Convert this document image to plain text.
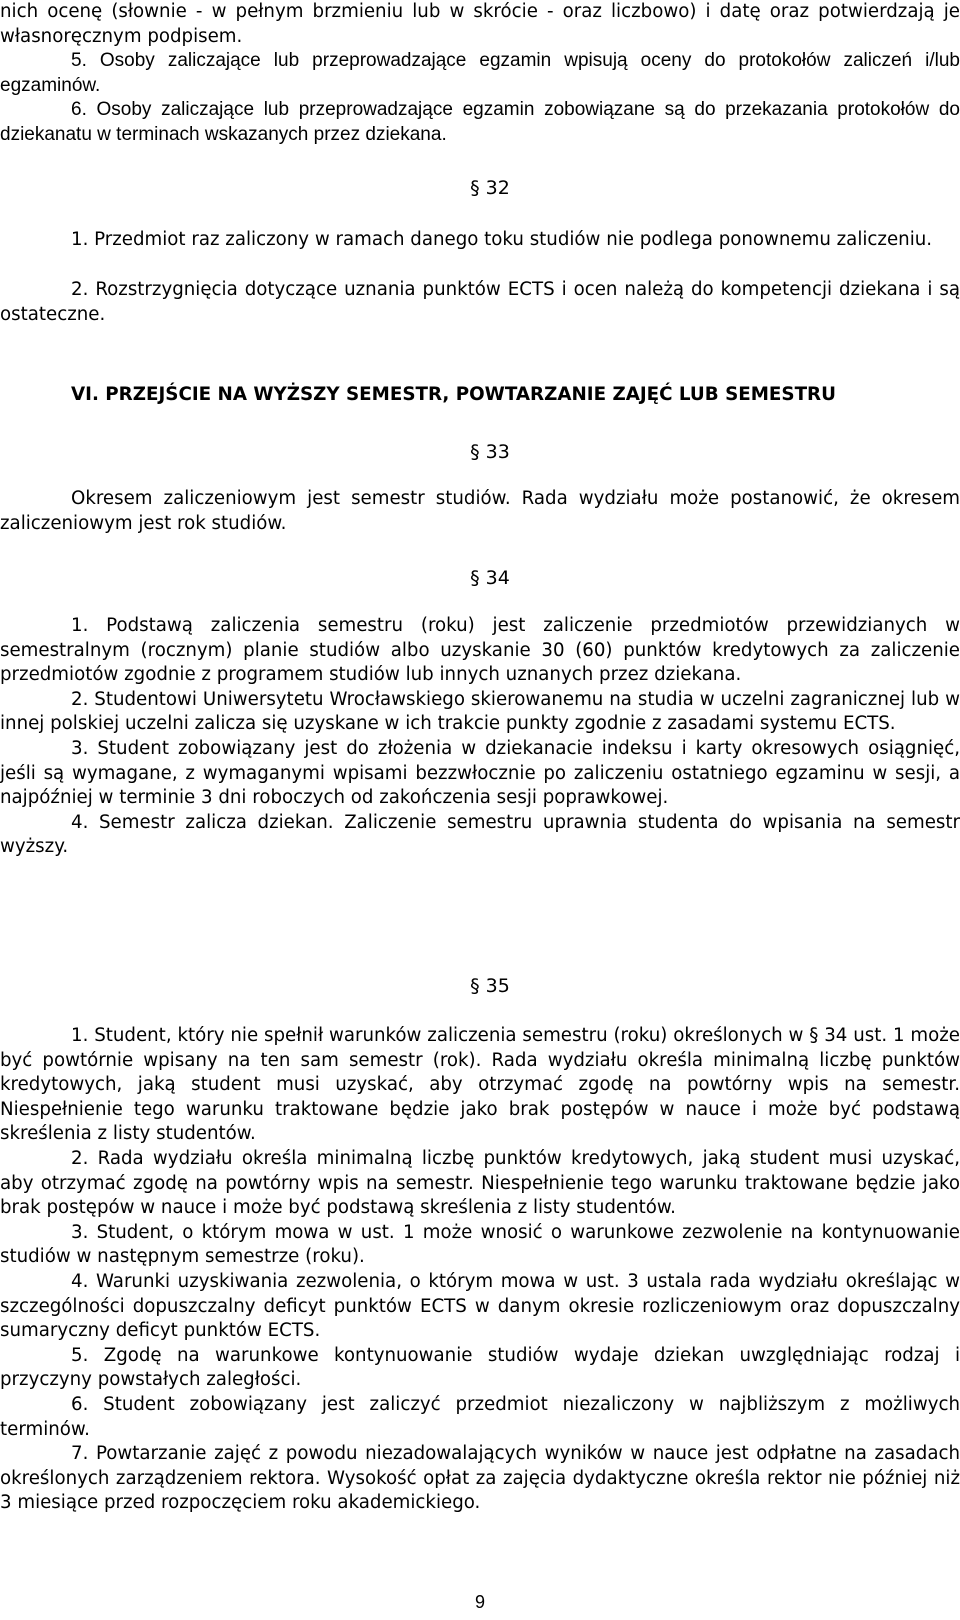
nich ocenę (słownie - w pełnym brzmieniu lub w skrócie - oraz liczbowo) i datę oraz potwierdzają je własnoręcznym podpisem.

5. Osoby zaliczające lub przeprowadzające egzamin wpisują oceny do protokołów zaliczeń i/lub egzaminów.

6. Osoby zaliczające lub przeprowadzające egzamin zobowiązane są do przekazania protokołów do dziekanatu w terminach wskazanych przez dziekana.

§ 32

1. Przedmiot raz zaliczony w ramach danego toku studiów nie podlega ponownemu zaliczeniu.

2. Rozstrzygnięcia dotyczące uznania punktów ECTS i ocen należą do kompetencji dziekana i są ostateczne.

VI. PRZEJŚCIE NA WYŻSZY SEMESTR, POWTARZANIE ZAJĘĆ LUB SEMESTRU

§ 33

Okresem zaliczeniowym jest semestr studiów. Rada wydziału może postanowić, że okresem zaliczeniowym jest rok studiów.

§ 34

1. Podstawą zaliczenia semestru (roku) jest zaliczenie przedmiotów przewidzianych w semestralnym (rocznym) planie studiów albo uzyskanie 30 (60) punktów kredytowych za zaliczenie przedmiotów zgodnie z programem studiów lub innych uznanych przez dziekana.

2. Studentowi Uniwersytetu Wrocławskiego skierowanemu na studia w uczelni zagranicznej lub w innej polskiej uczelni zalicza się uzyskane w ich trakcie punkty zgodnie z zasadami systemu ECTS.

3. Student zobowiązany jest do złożenia w dziekanacie indeksu i karty okresowych osiągnięć, jeśli są wymagane, z wymaganymi wpisami bezzwłocznie po zaliczeniu ostatniego egzaminu w sesji, a najpóźniej w terminie 3 dni roboczych od zakończenia sesji poprawkowej.

4. Semestr zalicza dziekan. Zaliczenie semestru uprawnia studenta do wpisania na semestr wyższy.

§ 35

1. Student, który nie spełnił warunków zaliczenia semestru (roku) określonych w § 34 ust. 1 może być powtórnie wpisany na ten sam semestr (rok). Rada wydziału określa minimalną liczbę punktów kredytowych, jaką student musi uzyskać, aby otrzymać zgodę na powtórny wpis na semestr. Niespełnienie tego warunku traktowane będzie jako brak postępów w nauce i może być podstawą skreślenia z listy studentów.

2. Rada wydziału określa minimalną liczbę punktów kredytowych, jaką student musi uzyskać, aby otrzymać zgodę na powtórny wpis na semestr. Niespełnienie tego warunku traktowane będzie jako brak postępów w nauce i może być podstawą skreślenia z listy studentów.

3. Student, o którym mowa w ust. 1 może wnosić o warunkowe zezwolenie na kontynuowanie studiów w następnym semestrze (roku).

4. Warunki uzyskiwania zezwolenia, o którym mowa w ust. 3 ustala rada wydziału określając w szczególności dopuszczalny deficyt punktów ECTS w danym okresie rozliczeniowym oraz dopuszczalny sumaryczny deficyt punktów ECTS.

5. Zgodę na warunkowe kontynuowanie studiów wydaje dziekan uwzględniając rodzaj i przyczyny powstałych zaległości.

6. Student zobowiązany jest zaliczyć przedmiot niezaliczony w najbliższym z możliwych terminów.

7. Powtarzanie zajęć z powodu niezadowalających wyników w nauce jest odpłatne na zasadach określonych zarządzeniem rektora. Wysokość opłat za zajęcia dydaktyczne określa rektor nie później niż 3 miesiące przed rozpoczęciem roku akademickiego.

9
